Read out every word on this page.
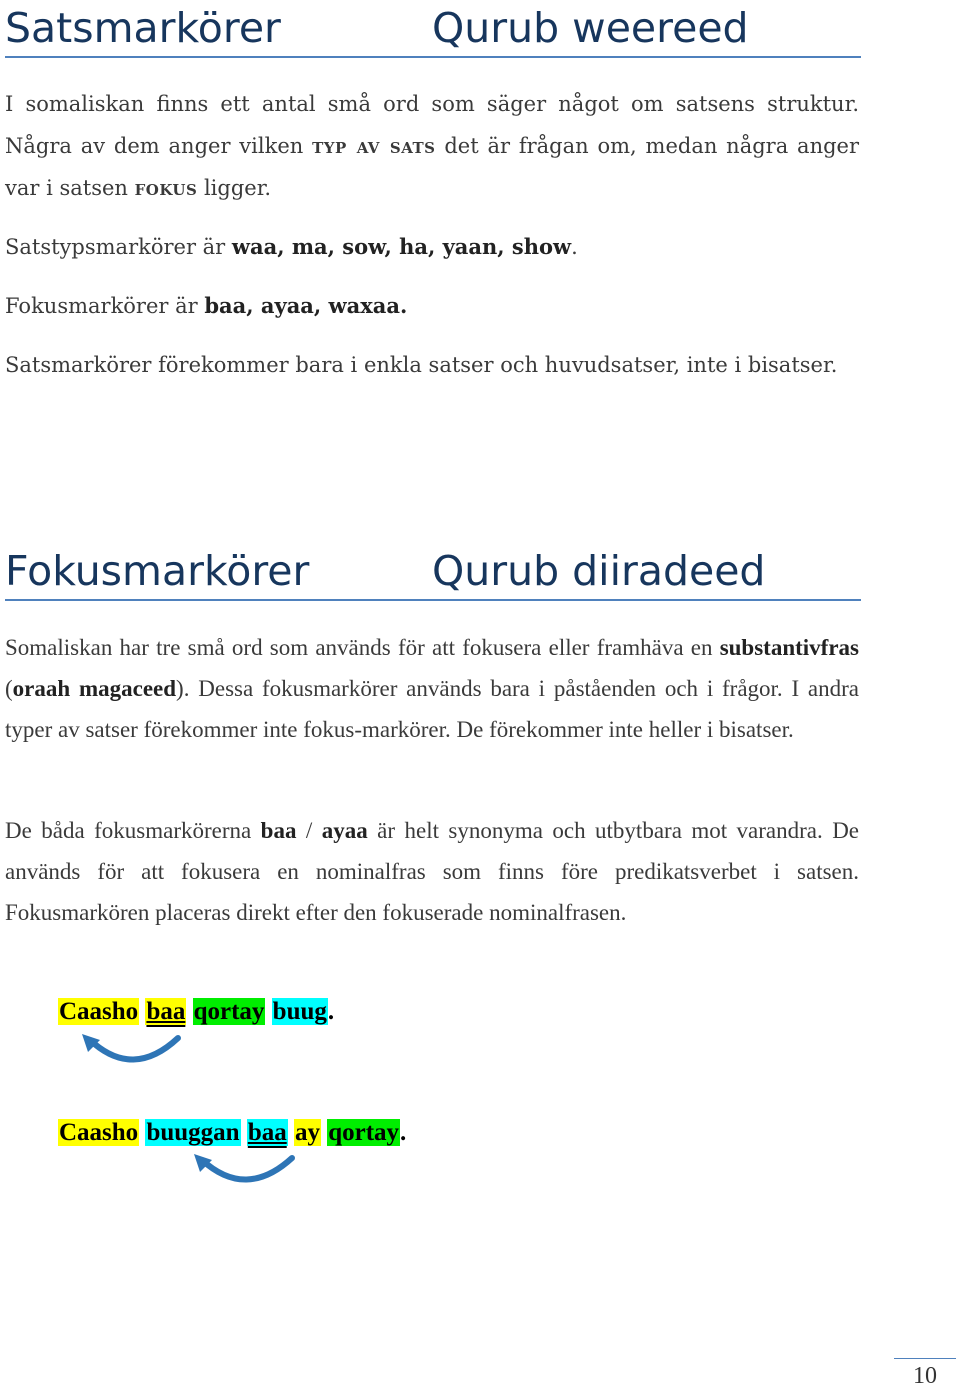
Satsmarkörer	Qurub weereed

I somaliskan finns ett antal små ord som säger något om satsens struktur. Några av dem anger vilken typ av sats det är frågan om, medan några anger var i satsen fokus ligger.

Satstypsmarkörer är waa, ma, sow, ha, yaan, show.

Fokusmarkörer är baa, ayaa, waxaa.

Satsmarkörer förekommer bara i enkla satser och huvudsatser, inte i bisatser.

Fokusmarkörer	Qurub diiradeed

Somaliskan har tre små ord som används för att fokusera eller framhäva en substantivfras (oraah magaceed). Dessa fokusmarkörer används bara i påståenden och i frågor. I andra typer av satser förekommer inte fokus-markörer. De förekommer inte heller i bisatser.

De båda fokusmarkörerna baa / ayaa är helt synonyma och utbytbara mot varandra. De används för att fokusera en nominalfras som finns före predikatsverbet i satsen. Fokusmarkören placeras direkt efter den fokuserade nominalfrasen.

Caasho baa qortay buug.
Caasho buuggan baa ay qortay.
10
